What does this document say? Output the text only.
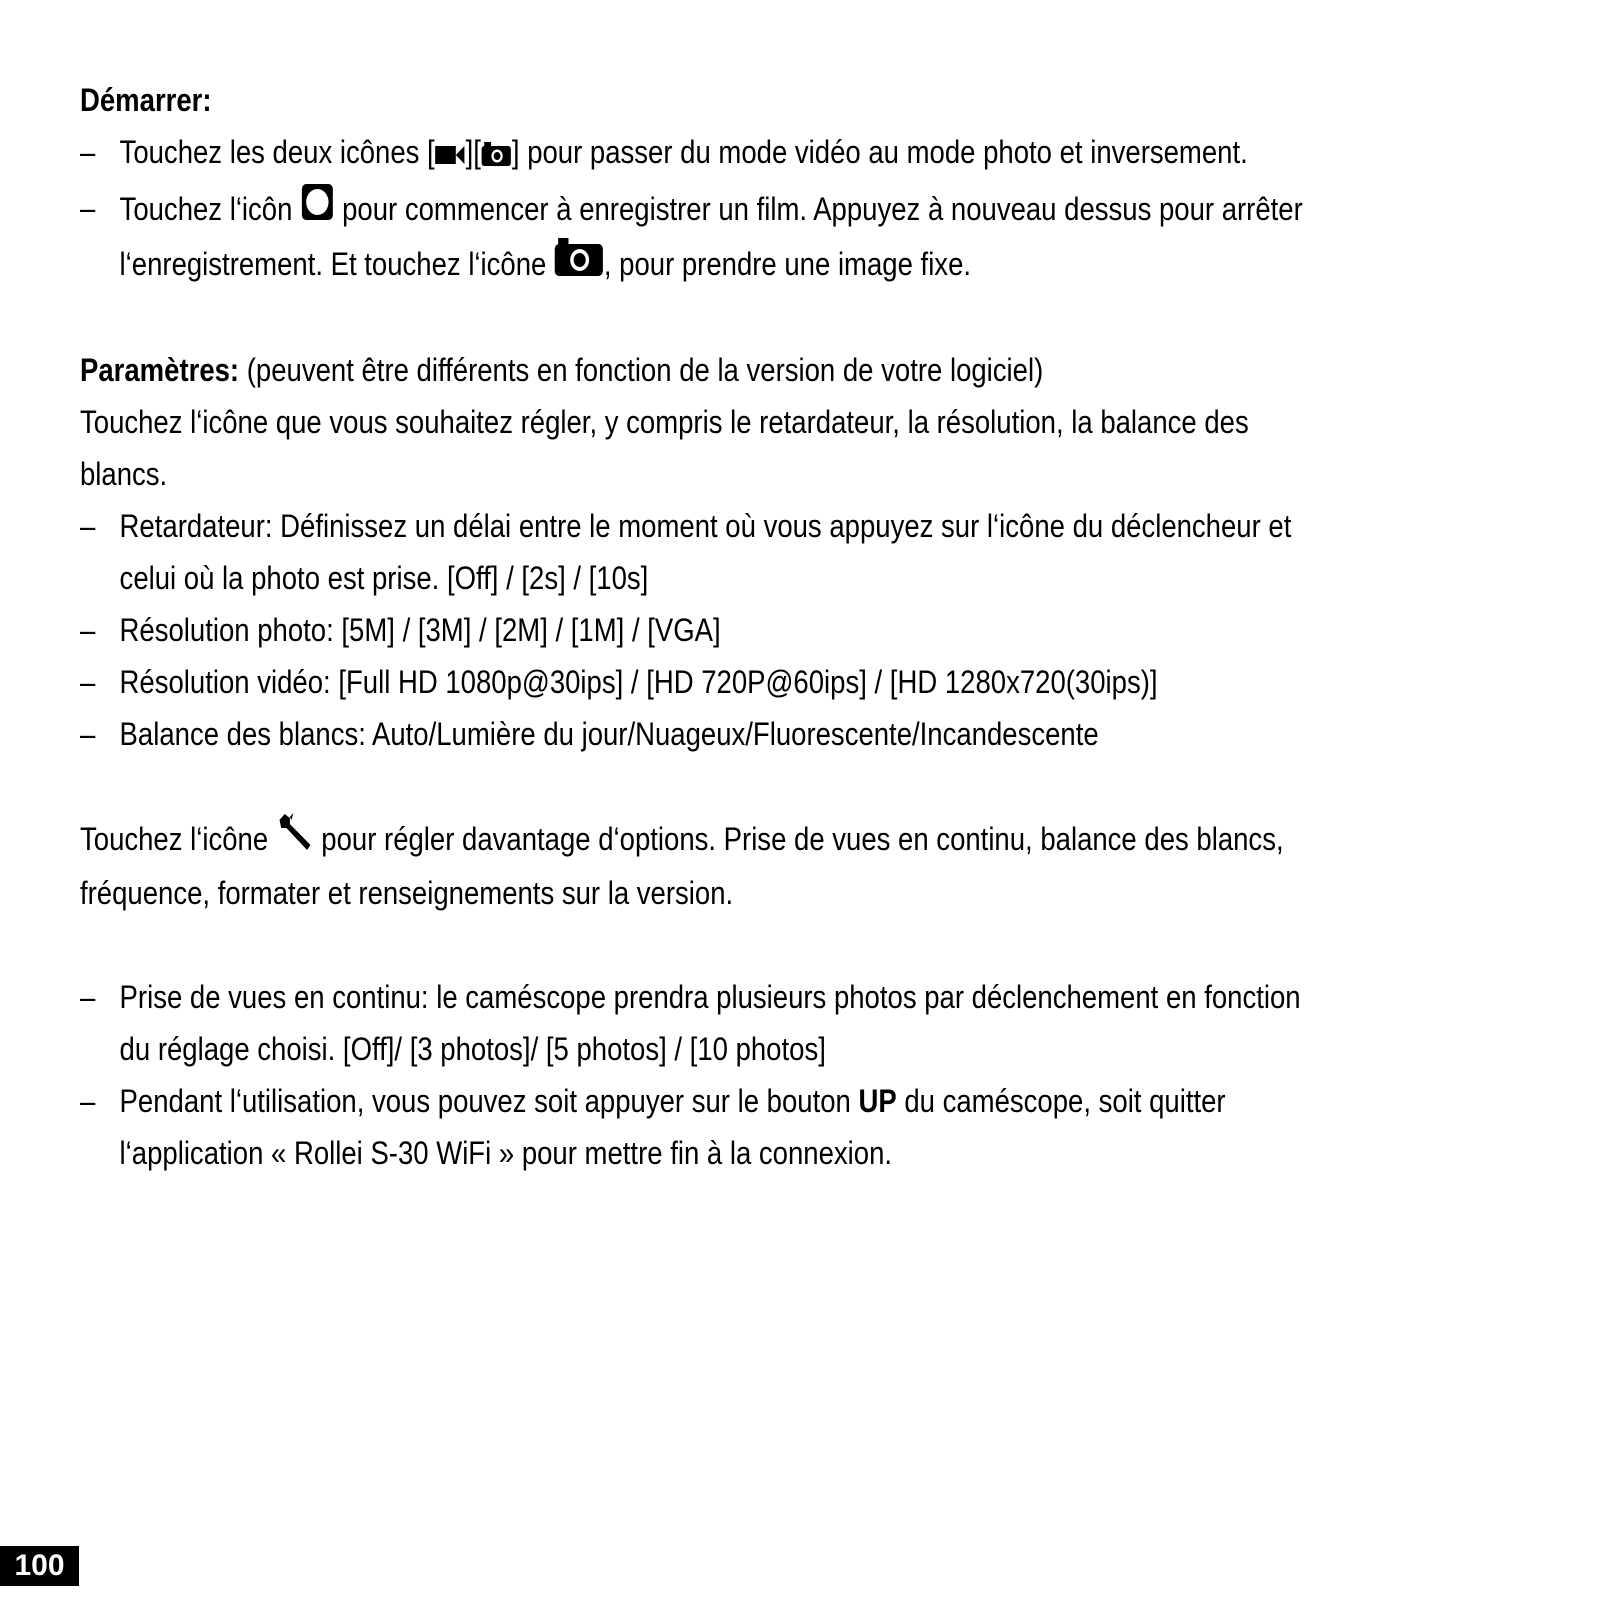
Démarrer:
– Touchez les deux icônes [ ][ ] pour passer du mode vidéo au mode photo et inversement.
– Touchez l‘icôn  pour commencer à enregistrer un film. Appuyez à nouveau dessus pour arrêter
l‘enregistrement. Et touchez l‘icône , pour prendre une image fixe.
Paramètres: (peuvent être différents en fonction de la version de votre logiciel)
Touchez l‘icône que vous souhaitez régler, y compris le retardateur, la résolution, la balance des
blancs.
– Retardateur: Définissez un délai entre le moment où vous appuyez sur l‘icône du déclencheur et
celui où la photo est prise. [Off] / [2s] / [10s]
– Résolution photo: [5M] / [3M] / [2M] / [1M] / [VGA]
– Résolution vidéo: [Full HD 1080p@30ips] / [HD 720P@60ips] / [HD 1280x720(30ips)]
– Balance des blancs: Auto/Lumière du jour/Nuageux/Fluorescente/Incandescente
Touchez l‘icône  pour régler davantage d‘options. Prise de vues en continu, balance des blancs,
fréquence, formater et renseignements sur la version.
– Prise de vues en continu: le caméscope prendra plusieurs photos par déclenchement en fonction
du réglage choisi. [Off]/ [3 photos]/ [5 photos] / [10 photos]
– Pendant l‘utilisation, vous pouvez soit appuyer sur le bouton UP du caméscope, soit quitter
l‘application « Rollei S-30 WiFi » pour mettre fin à la connexion.
100
